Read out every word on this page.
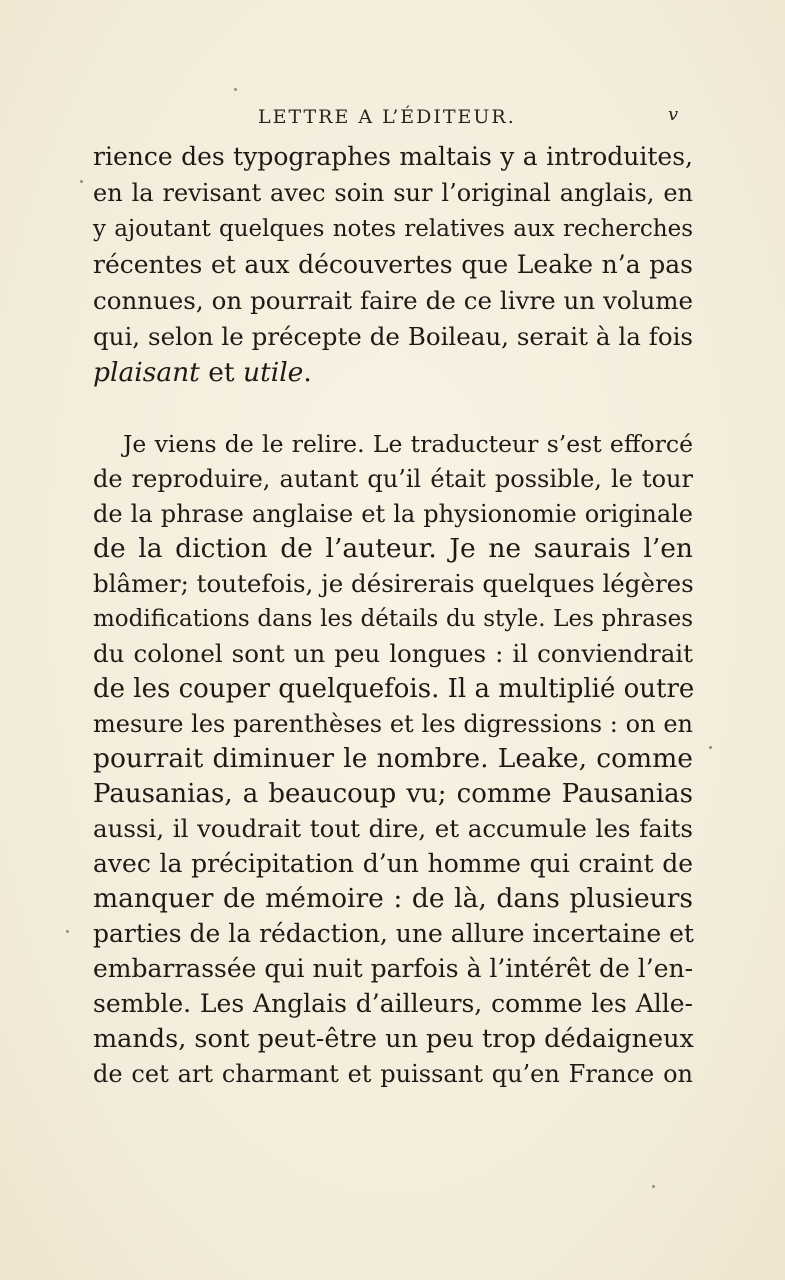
LETTRE A L’ÉDITEUR.	v
rience des typographes maltais y a introduites,
en la revisant avec soin sur l’original anglais, en
y ajoutant quelques notes relatives aux recherches
récentes et aux découvertes que Leake n’a pas
connues, on pourrait faire de ce livre un volume
qui, selon le précepte de Boileau, serait à la fois
plaisant et utile.
Je viens de le relire. Le traducteur s’est efforcé
de reproduire, autant qu’il était possible, le tour
de la phrase anglaise et la physionomie originale
de la diction de l’auteur. Je ne saurais l’en
blâmer; toutefois, je désirerais quelques légères
modifications dans les détails du style. Les phrases
du colonel sont un peu longues : il conviendrait
de les couper quelquefois. Il a multiplié outre
mesure les parenthèses et les digressions : on en
pourrait diminuer le nombre. Leake, comme
Pausanias, a beaucoup vu; comme Pausanias
aussi, il voudrait tout dire, et accumule les faits
avec la précipitation d’un homme qui craint de
manquer de mémoire : de là, dans plusieurs
parties de la rédaction, une allure incertaine et
embarrassée qui nuit parfois à l’intérêt de l’en-
semble. Les Anglais d’ailleurs, comme les Alle-
mands, sont peut-être un peu trop dédaigneux
de cet art charmant et puissant qu’en France on
